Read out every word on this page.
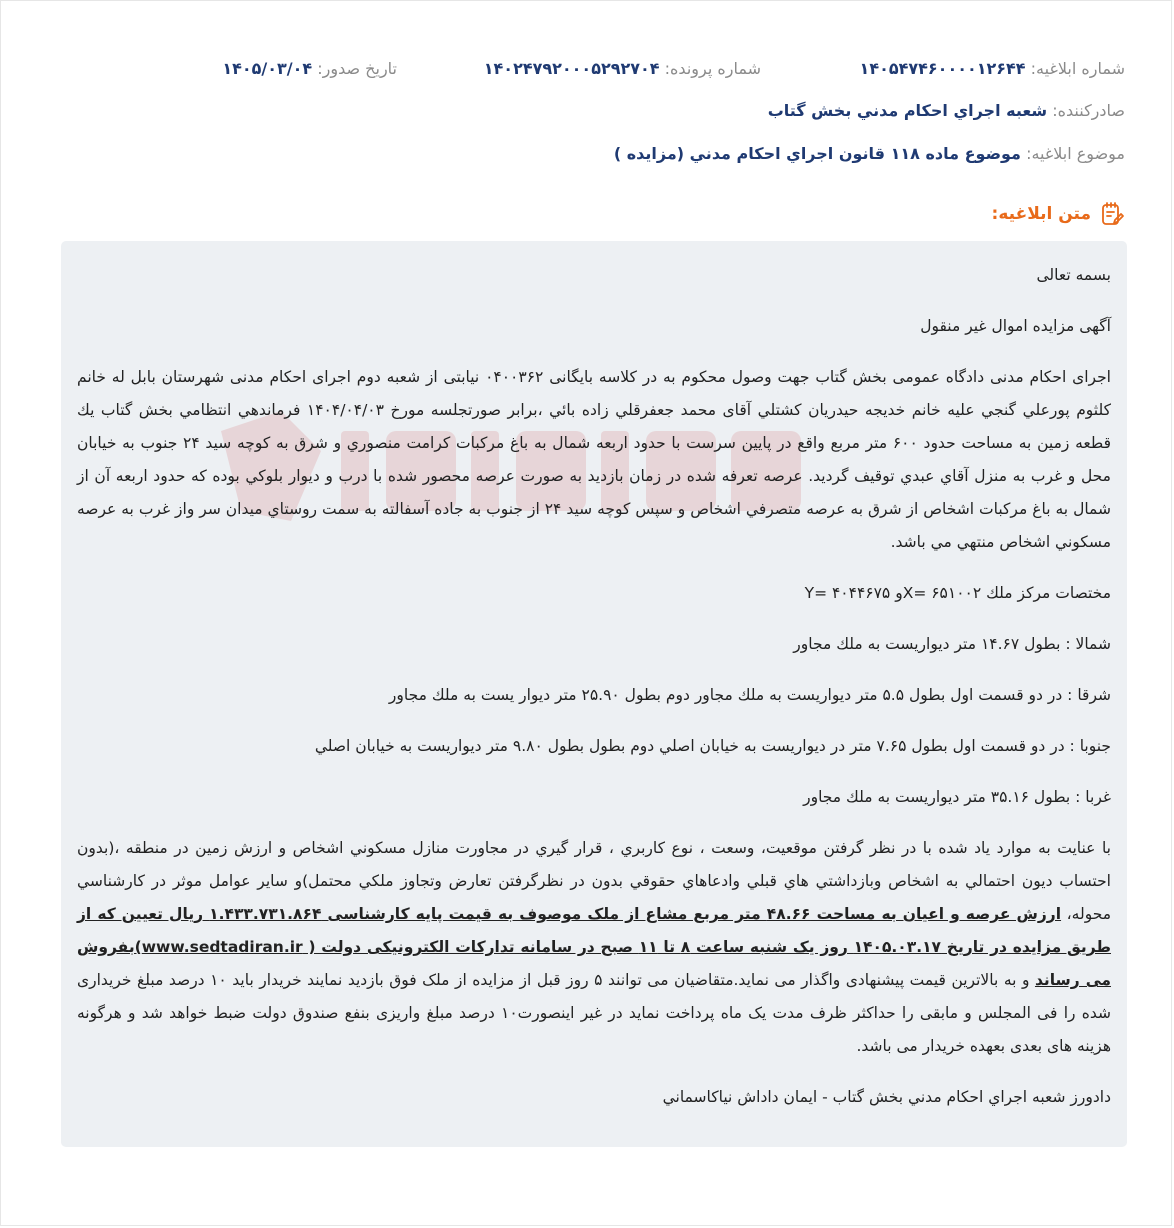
شماره ابلاغيه: ۱۴۰۵۴۷۴۶۰۰۰۰۱۲۶۴۴
شماره پرونده: ۱۴۰۲۴۷۹۲۰۰۰۵۲۹۲۷۰۴
تاریخ صدور: ۱۴۰۵/۰۳/۰۴
صادركننده: شعبه اجراي احكام مدني بخش گتاب
موضوع ابلاغيه: موضوع ماده ۱۱۸ قانون اجراي احكام مدني (مزايده )
متن ابلاغيه:

بسمه تعالی

آگهی مزایده اموال غیر منقول

اجرای احکام مدنی دادگاه عمومی بخش گتاب جهت وصول محکوم به در کلاسه بایگانی ۰۴۰۰۳۶۲ نیابتی از شعبه دوم اجرای احکام مدنی شهرستان بابل له خانم كلثوم پورعلي گنجي علیه خانم خديجه حيدريان كشتلي آقای محمد جعفرقلي زاده بائي ،برابر صورتجلسه مورخ ۱۴۰۴/۰۴/۰۳ فرماندهي انتظامي بخش گتاب يك قطعه زمين به مساحت حدود ۶۰۰ متر مربع واقع در پايين سرست با حدود اربعه شمال به باغ مركبات كرامت منصوري و شرق به كوچه سيد ۲۴ جنوب به خيابان محل و غرب به منزل آقاي عبدي توقيف گرديد. عرصه تعرفه شده در زمان بازديد به صورت عرصه محصور شده با درب و ديوار بلوكي بوده كه حدود اربعه آن از شمال به باغ مركبات اشخاص از شرق به عرصه متصرفي اشخاص و سپس كوچه سيد ۲۴ از جنوب به جاده آسفالته به سمت روستاي ميدان سر واز غرب به عرصه مسكوني اشخاص منتهي مي باشد.

مختصات مركز ملك ۶۵۱۰۰۲ =Xو ۴۰۴۴۶۷۵ =Y

شمالا : بطول ۱۴.۶۷ متر ديواريست به ملك مجاور

شرقا : در دو قسمت اول بطول ۵.۵ متر ديواريست به ملك مجاور دوم بطول ۲۵.۹۰ متر ديوار يست به ملك مجاور

جنوبا : در دو قسمت اول بطول ۷.۶۵ متر در ديواريست به خيابان اصلي دوم بطول بطول ۹.۸۰ متر ديواريست به خيابان اصلي

غربا : بطول ۳۵.۱۶ متر ديواريست به ملك مجاور

با عنایت به موارد یاد شده با در نظر گرفتن موقعیت، وسعت ، نوع كاربري ، قرار گيري در مجاورت منازل مسكوني اشخاص و ارزش زمين در منطقه ،(بدون احتساب ديون احتمالي به اشخاص وبازداشتي هاي قبلي وادعاهاي حقوقي بدون در نظرگرفتن تعارض وتجاوز ملكي محتمل)و ساير عوامل موثر در كارشناسي محوله، ارزش عرصه و اعیان به مساحت ۴۸.۶۶ متر مربع مشاع از ملک موصوف به قیمت پایه کارشناسی ۱.۴۳۳.۷۳۱.۸۶۴ ریال تعیین که از طریق مزایده در تاریخ ۱۴۰۵.۰۳.۱۷ روز یک شنبه ساعت ۸ تا ۱۱ صبح در سامانه تدارکات الکترونیکی دولت ( www.sedtadiran.ir)بفروش می رساند و به بالاترین قیمت پیشنهادی واگذار می نماید.متقاضیان می توانند ۵ روز قبل از مزایده از ملک فوق بازدید نمایند خریدار باید ۱۰ درصد مبلغ خریداری شده را فی المجلس و مابقی را حداکثر ظرف مدت یک ماه پرداخت نماید در غیر اینصورت۱۰ درصد مبلغ واریزی بنفع صندوق دولت ضبط خواهد شد و هرگونه هزینه های بعدی بعهده خریدار می باشد.

دادورز شعبه اجراي احكام مدني بخش گتاب - ايمان داداش نياكاسماني
